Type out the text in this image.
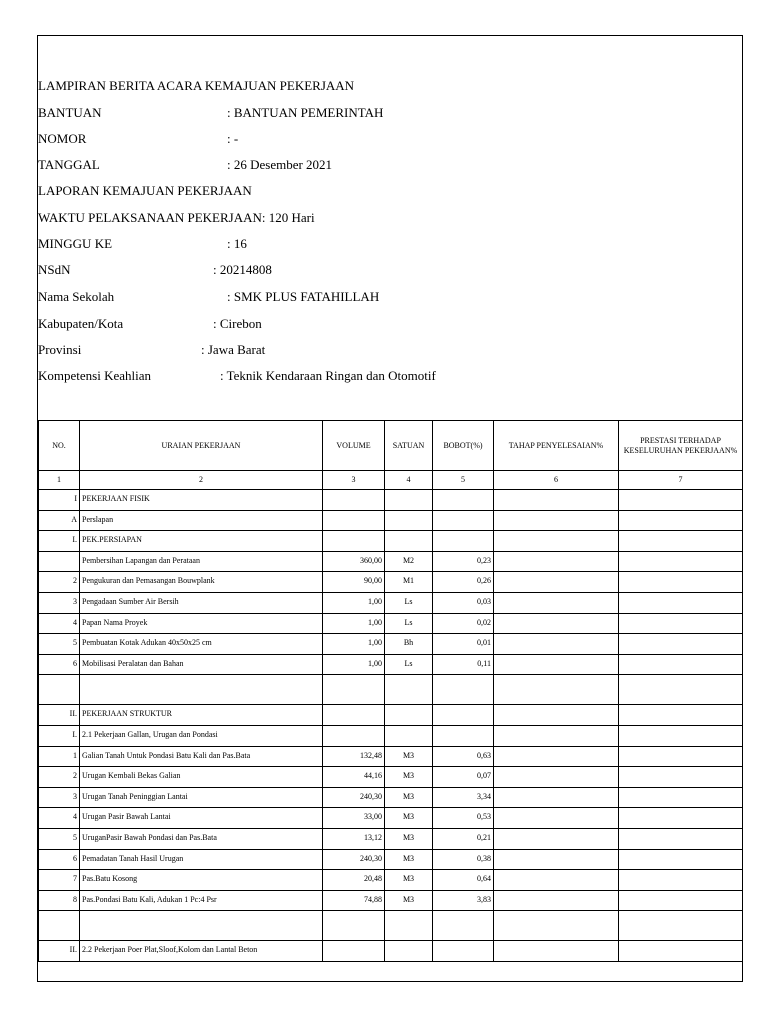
LAMPIRAN BERITA ACARA KEMAJUAN PEKERJAAN
BANTUAN	: BANTUAN PEMERINTAH
NOMOR	: -
TANGGAL	: 26 Desember 2021
LAPORAN KEMAJUAN PEKERJAAN
WAKTU PELAKSANAAN PEKERJAAN: 120 Hari
MINGGU KE	: 16
NSdN	: 20214808
Nama Sekolah	: SMK PLUS FATAHILLAH
Kabupaten/Kota	: Cirebon
Provinsi	: Jawa Barat
Kompetensi Keahlian	: Teknik Kendaraan Ringan dan Otomotif
NO.	URAIAN PEKERJAAN	VOLUME	SATUAN	BOBOT(%)	TAHAP PENYELESAIAN%	PRESTASI TERHADAP KESELURUHAN PEKERJAAN%
1	2	3	4	5	6	7
I	PEKERJAAN FISIK					
A	Perslapan					
I.	PEK.PERSIAPAN					
	Pembersihan Lapangan dan Perataan	360,00	M2	0,23		
2	Pengukuran dan Pemasangan Bouwplank	90,00	M1	0,26		
3	Pengadaan Sumber Air Bersih	1,00	Ls	0,03		
4	Papan Nama Proyek	1,00	Ls	0,02		
5	Pembuatan Kotak Adukan 40x50x25 cm	1,00	Bh	0,01		
6	Mobilisasi Peralatan dan Bahan	1,00	Ls	0,11		

II.	PEKERJAAN STRUKTUR					
I.	2.1 Pekerjaan Gallan, Urugan dan Pondasi					
1	Galian Tanah Untuk Pondasi Batu Kali dan Pas.Bata	132,48	M3	0,63		
2	Urugan Kembali Bekas Galian	44,16	M3	0,07		
3	Urugan Tanah Peninggian Lantai	240,30	M3	3,34		
4	Urugan Pasir Bawah Lantai	33,00	M3	0,53		
5	UruganPasir Bawah Pondasi dan Pas.Bata	13,12	M3	0,21		
6	Pemadatan Tanah Hasil Urugan	240,30	M3	0,38		
7	Pas.Batu Kosong	20,48	M3	0,64		
8	Pas.Pondasi Batu Kali, Adukan 1 Pc:4 Psr	74,88	M3	3,83		

II.	2.2 Pekerjaan Poer Plat,Sloof,Kolom dan Lantal Beton					
